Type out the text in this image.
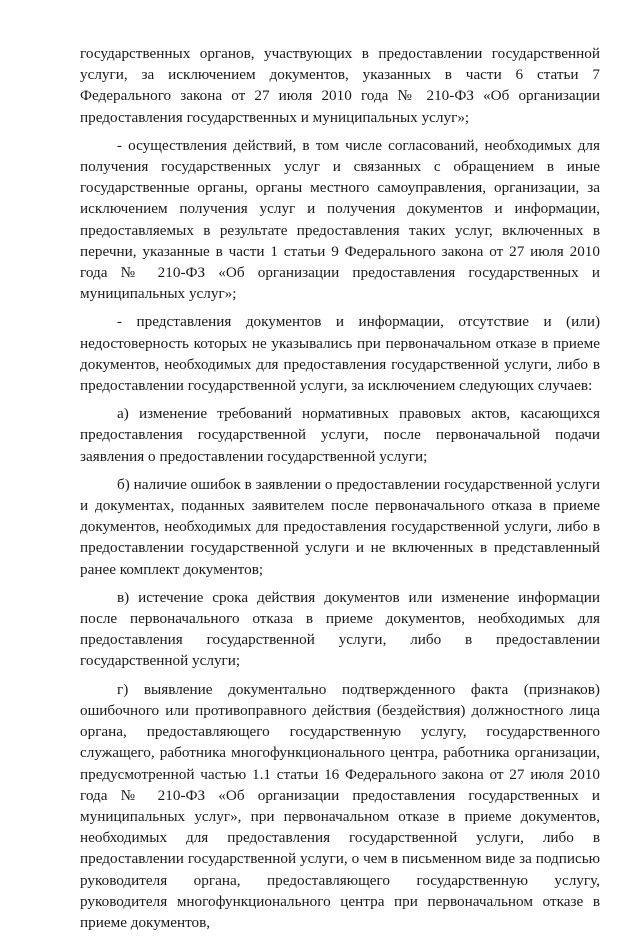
государственных органов, участвующих в предоставлении государственной услуги, за исключением документов, указанных в части 6 статьи 7 Федерального закона от 27 июля 2010 года № 210-ФЗ «Об организации предоставления государственных и муниципальных услуг»;

- осуществления действий, в том числе согласований, необходимых для получения государственных услуг и связанных с обращением в иные государственные органы, органы местного самоуправления, организации, за исключением получения услуг и получения документов и информации, предоставляемых в результате предоставления таких услуг, включенных в перечни, указанные в части 1 статьи 9 Федерального закона от 27 июля 2010 года № 210-ФЗ «Об организации предоставления государственных и муниципальных услуг»;

- представления документов и информации, отсутствие и (или) недостоверность которых не указывались при первоначальном отказе в приеме документов, необходимых для предоставления государственной услуги, либо в предоставлении государственной услуги, за исключением следующих случаев:

а) изменение требований нормативных правовых актов, касающихся предоставления государственной услуги, после первоначальной подачи заявления о предоставлении государственной услуги;

б) наличие ошибок в заявлении о предоставлении государственной услуги и документах, поданных заявителем после первоначального отказа в приеме документов, необходимых для предоставления государственной услуги, либо в предоставлении государственной услуги и не включенных в представленный ранее комплект документов;

в) истечение срока действия документов или изменение информации после первоначального отказа в приеме документов, необходимых для предоставления государственной услуги, либо в предоставлении государственной услуги;

г) выявление документально подтвержденного факта (признаков) ошибочного или противоправного действия (бездействия) должностного лица органа, предоставляющего государственную услугу, государственного служащего, работника многофункционального центра, работника организации, предусмотренной частью 1.1 статьи 16 Федерального закона от 27 июля 2010 года № 210-ФЗ «Об организации предоставления государственных и муниципальных услуг», при первоначальном отказе в приеме документов, необходимых для предоставления государственной услуги, либо в предоставлении государственной услуги, о чем в письменном виде за подписью руководителя органа, предоставляющего государственную услугу, руководителя многофункционального центра при первоначальном отказе в приеме документов,
